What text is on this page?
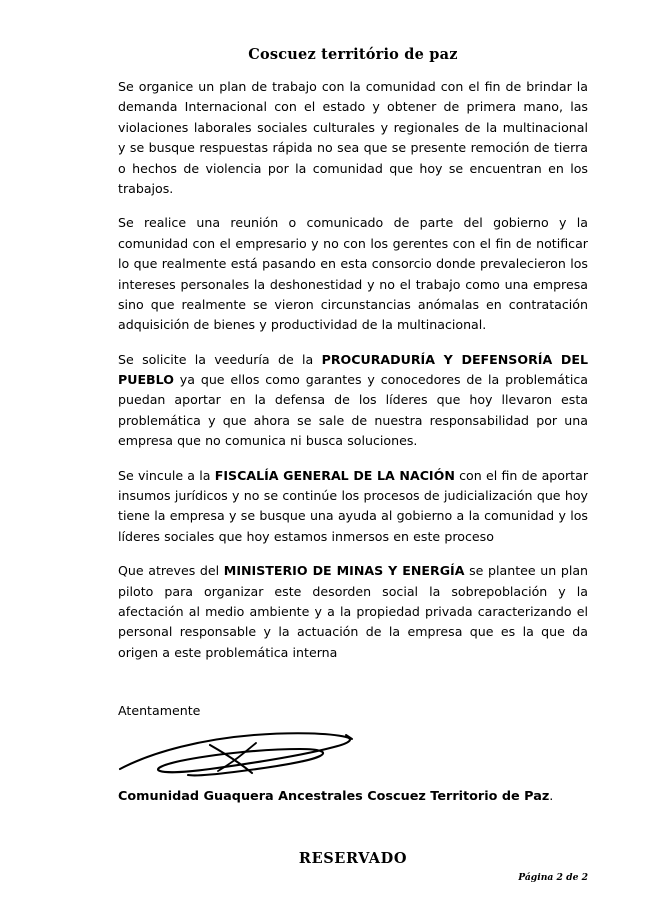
Coscuez território de paz

Se organice un plan de trabajo con la comunidad con el fin de brindar la demanda Internacional con el estado y obtener de primera mano, las violaciones laborales sociales culturales y regionales de la multinacional y se busque respuestas rápida no sea que se presente remoción de tierra o hechos de violencia por la comunidad que hoy se encuentran en los trabajos.

Se realice una reunión o comunicado de parte del gobierno y la comunidad con el empresario y no con los gerentes con el fin de notificar lo que realmente está pasando en esta consorcio donde prevalecieron los intereses personales la deshonestidad y no el trabajo como una empresa sino que realmente se vieron circunstancias anómalas en contratación adquisición de bienes y productividad de la multinacional.

Se solicite la veeduría de la PROCURADURÍA Y DEFENSORÍA DEL PUEBLO ya que ellos como garantes y conocedores de la problemática puedan aportar en la defensa de los líderes que hoy llevaron esta problemática y que ahora se sale de nuestra responsabilidad por una empresa que no comunica ni busca soluciones.

Se vincule a la FISCALÍA GENERAL DE LA NACIÓN con el fin de aportar insumos jurídicos y no se continúe los procesos de judicialización que hoy tiene la empresa y se busque una ayuda al gobierno a la comunidad y los líderes sociales que hoy estamos inmersos en este proceso

Que atreves del MINISTERIO DE MINAS Y ENERGÍA se plantee un plan piloto para organizar este desorden social la sobrepoblación y la afectación al medio ambiente y a la propiedad privada caracterizando el personal responsable y la actuación de la empresa que es la que da origen a este problemática interna

Atentamente

Comunidad Guaquera Ancestrales Coscuez Territorio de Paz.

RESERVADO
Página 2 de 2
